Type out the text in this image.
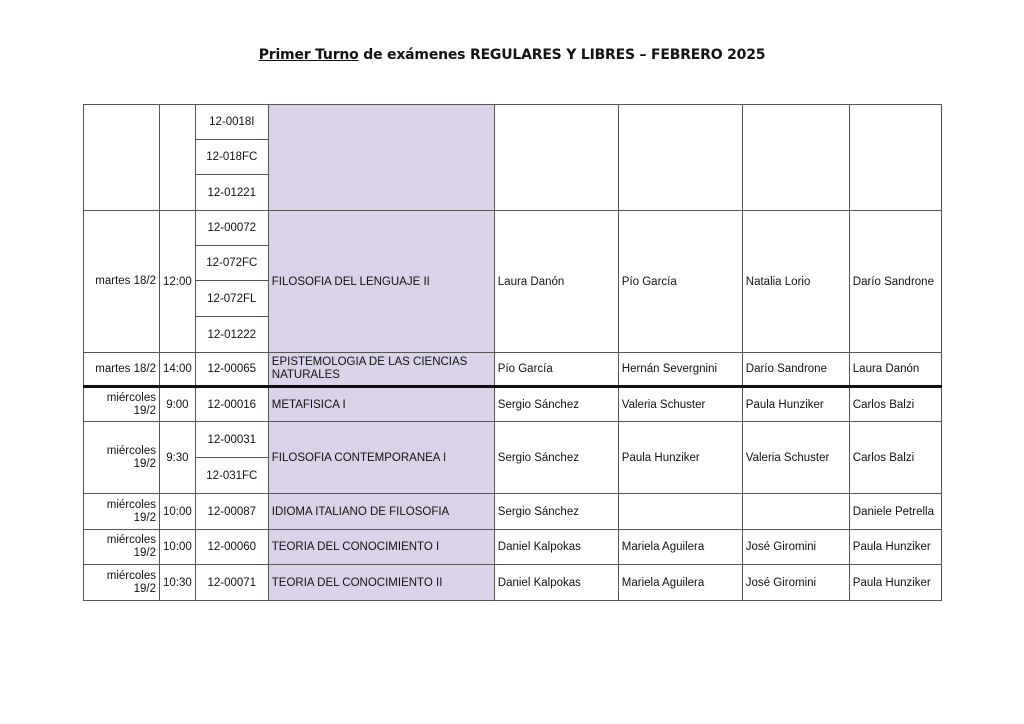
Primer Turno de exámenes REGULARES Y LIBRES – FEBRERO 2025
		12-0018I					
		12-018FC					
		12-01221					
martes 18/2	12:00	12-00072	FILOSOFIA DEL LENGUAJE II	Laura Danón	Pío García	Natalia Lorio	Darío Sandrone
		12-072FC					
		12-072FL					
		12-01222					
martes 18/2	14:00	12-00065	EPISTEMOLOGIA DE LAS CIENCIAS NATURALES	Pío García	Hernán Severgnini	Darío Sandrone	Laura Danón
miércoles 19/2	9:00	12-00016	METAFISICA I	Sergio Sánchez	Valeria Schuster	Paula Hunziker	Carlos Balzi
miércoles 19/2	9:30	12-00031	FILOSOFIA CONTEMPORANEA I	Sergio Sánchez	Paula Hunziker	Valeria Schuster	Carlos Balzi
		12-031FC					
miércoles 19/2	10:00	12-00087	IDIOMA ITALIANO DE FILOSOFIA	Sergio Sánchez			Daniele Petrella
miércoles 19/2	10:00	12-00060	TEORIA DEL CONOCIMIENTO I	Daniel Kalpokas	Mariela Aguilera	José Giromini	Paula Hunziker
miércoles 19/2	10:30	12-00071	TEORIA DEL CONOCIMIENTO II	Daniel Kalpokas	Mariela Aguilera	José Giromini	Paula Hunziker
